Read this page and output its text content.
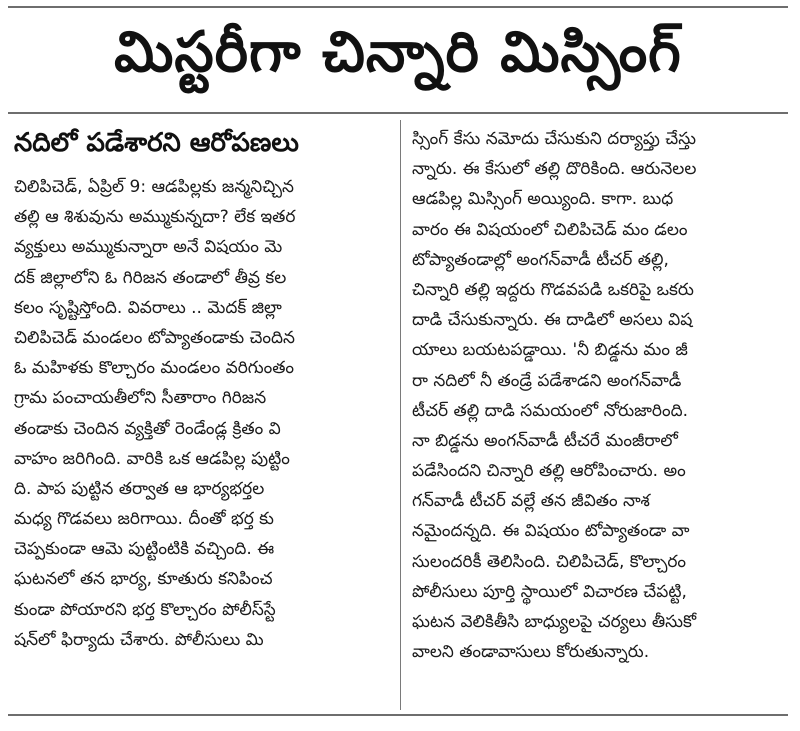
మిస్టరీగా చిన్నారి మిస్సింగ్
నదిలో పడేశారని ఆరోపణలు
చిలిపిచెడ్, ఏప్రిల్ 9: ఆడపిల్లకు జన్మనిచ్చిన
తల్లి ఆ శిశువును అమ్ముకున్నదా? లేక ఇతర
వ్యక్తులు అమ్ముకున్నారా అనే విషయం మె
దక్ జిల్లాలోని ఓ గిరిజన తండాలో తీవ్ర కల
కలం సృష్టిస్తోంది. వివరాలు .. మెదక్ జిల్లా
చిలిపిచెడ్ మండలం టోప్యాతండాకు చెందిన
ఓ మహిళకు కొల్చారం మండలం వరిగుంతం
గ్రామ పంచాయతీలోని సీతారాం గిరిజన
తండాకు చెందిన వ్యక్తితో రెండేండ్ల క్రితం వి
వాహం జరిగింది. వారికి ఒక ఆడపిల్ల పుట్టిం
ది. పాప పుట్టిన తర్వాత ఆ భార్యభర్తల
మధ్య గొడవలు జరిగాయి. దీంతో భర్త కు
చెప్పకుండా ఆమె పుట్టింటికి వచ్చింది. ఈ
ఘటనలో తన భార్య, కూతురు కనిపించ
కుండా పోయారని భర్త కొల్చారం పోలీస్‌స్టే
షన్‌లో ఫిర్యాదు చేశారు. పోలీసులు మి
స్సింగ్ కేసు నమోదు చేసుకుని దర్యాప్తు చేస్తు
న్నారు. ఈ కేసులో తల్లి దొరికింది. ఆరునెలల
ఆడపిల్ల మిస్సింగ్ అయ్యింది. కాగా. బుధ
వారం ఈ విషయంలో చిలిపిచెడ్ మం డలం
టోప్యాతండాల్లో అంగన్‌వాడీ టీచర్ తల్లి,
చిన్నారి తల్లి ఇద్దరు గొడవపడి ఒకరిపై ఒకరు
దాడి చేసుకున్నారు. ఈ దాడిలో అసలు విష
యాలు బయటపడ్డాయి. 'నీ బిడ్డను మం జీ
రా నదిలో నీ తండ్రే పడేశాడని అంగన్‌వాడీ
టీచర్ తల్లి దాడి సమయంలో నోరుజారింది.
నా బిడ్డను అంగన్‌వాడీ టీచరే మంజీరాలో
పడేసిందని చిన్నారి తల్లి ఆరోపించారు. అం
గన్‌వాడీ టీచర్ వల్లే తన జీవితం నాశ
నమైందన్నది. ఈ విషయం టోప్యాతండా వా
సులందరికీ తెలిసింది. చిలిపిచెడ్, కొల్చారం
పోలీసులు పూర్తి స్థాయిలో విచారణ చేపట్టి,
ఘటన వెలికితీసి బాధ్యులపై చర్యలు తీసుకో
వాలని తండావాసులు కోరుతున్నారు.
